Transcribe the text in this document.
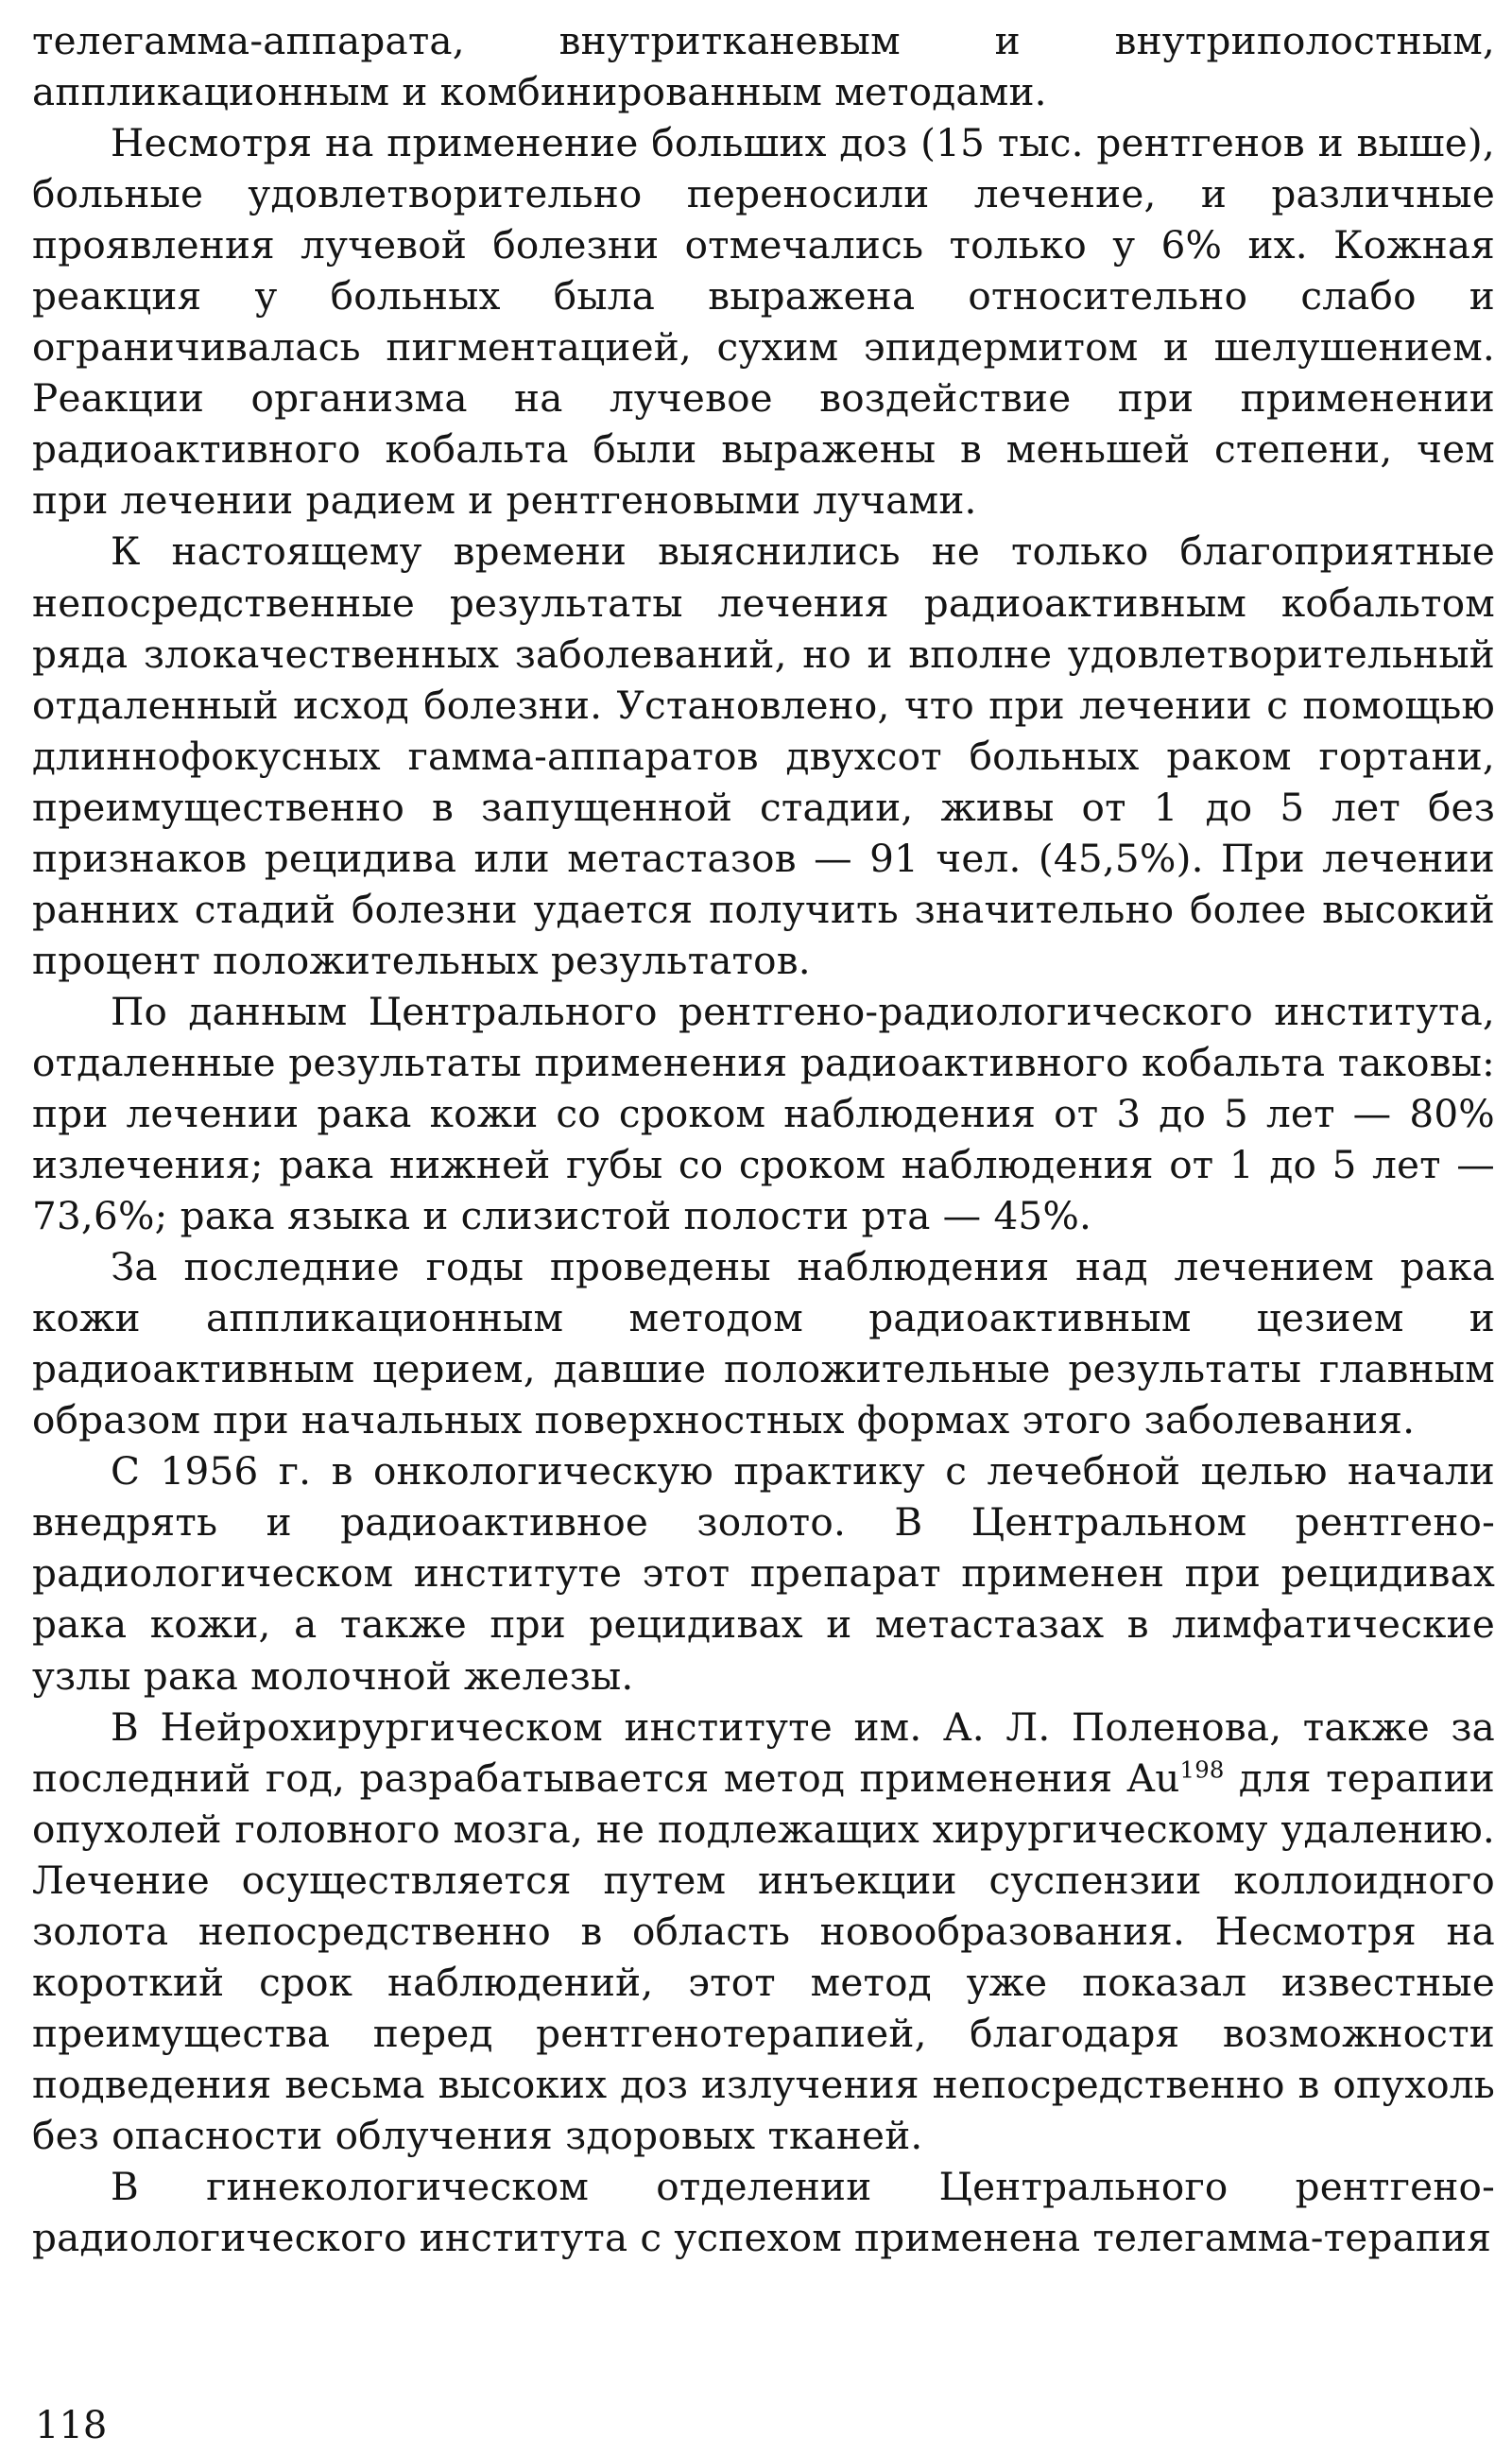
телегамма-аппарата, внутритканевым и внутриполостным, аппликационным и комбинированным методами.

Несмотря на применение больших доз (15 тыс. рентгенов и выше), больные удовлетворительно переносили лечение, и различные проявления лучевой болезни отмечались только у 6% их. Кожная реакция у больных была выражена относительно слабо и ограничивалась пигментацией, сухим эпидермитом и шелушением. Реакции организма на лучевое воздействие при применении радиоактивного кобальта были выражены в меньшей степени, чем при лечении радием и рентгеновыми лучами.

К настоящему времени выяснились не только благоприятные непосредственные результаты лечения радиоактивным кобальтом ряда злокачественных заболеваний, но и вполне удовлетворительный отдаленный исход болезни. Установлено, что при лечении с помощью длиннофокусных гамма-аппаратов двухсот больных раком гортани, преимущественно в запущенной стадии, живы от 1 до 5 лет без признаков рецидива или метастазов — 91 чел. (45,5%). При лечении ранних стадий болезни удается получить значительно более высокий процент положительных результатов.

По данным Центрального рентгено-радиологического института, отдаленные результаты применения радиоактивного кобальта таковы: при лечении рака кожи со сроком наблюдения от 3 до 5 лет — 80% излечения; рака нижней губы со сроком наблюдения от 1 до 5 лет — 73,6%; рака языка и слизистой полости рта — 45%.

За последние годы проведены наблюдения над лечением рака кожи аппликационным методом радиоактивным цезием и радиоактивным церием, давшие положительные результаты главным образом при начальных поверхностных формах этого заболевания.

С 1956 г. в онкологическую практику с лечебной целью начали внедрять и радиоактивное золото. В Центральном рентгено-радиологическом институте этот препарат применен при рецидивах рака кожи, а также при рецидивах и метастазах в лимфатические узлы рака молочной железы.

В Нейрохирургическом институте им. А. Л. Поленова, также за последний год, разрабатывается метод применения Au$^{198}$ для терапии опухолей головного мозга, не подлежащих хирургическому удалению. Лечение осуществляется путем инъекции суспензии коллоидного золота непосредственно в область новообразования. Несмотря на короткий срок наблюдений, этот метод уже показал известные преимущества перед рентгенотерапией, благодаря возможности подведения весьма высоких доз излучения непосредственно в опухоль без опасности облучения здоровых тканей.

В гинекологическом отделении Центрального рентгено-радиологического института с успехом применена телегамма-терапия

118
